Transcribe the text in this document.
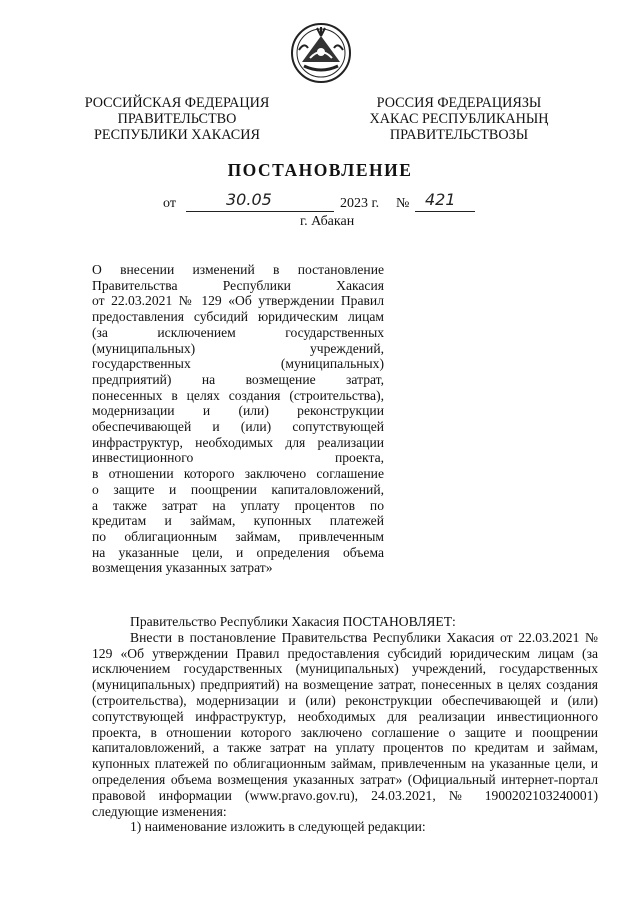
РОССИЙСКАЯ ФЕДЕРАЦИЯ
ПРАВИТЕЛЬСТВО
РЕСПУБЛИКИ ХАКАСИЯ
РОССИЯ ФЕДЕРАЦИЯЗЫ
ХАКАС РЕСПУБЛИКАНЫҢ
ПРАВИТЕЛЬСТВОЗЫ
ПОСТАНОВЛЕНИЕ
от	30.05	2023 г. № 421
г. Абакан
О внесении изменений в постановление
Правительства Республики Хакасия
от 22.03.2021 № 129 «Об утверждении Правил
предоставления субсидий юридическим лицам
(за исключением государственных
(муниципальных) учреждений,
государственных (муниципальных)
предприятий) на возмещение затрат,
понесенных в целях создания (строительства),
модернизации и (или) реконструкции
обеспечивающей и (или) сопутствующей
инфраструктур, необходимых для реализации
инвестиционного проекта,
в отношении которого заключено соглашение
о защите и поощрении капиталовложений,
а также затрат на уплату процентов по
кредитам и займам, купонных платежей
по облигационным займам, привлеченным
на указанные цели, и определения объема
возмещения указанных затрат»

Правительство Республики Хакасия ПОСТАНОВЛЯЕТ:

Внести в постановление Правительства Республики Хакасия от 22.03.2021 № 129 «Об утверждении Правил предоставления субсидий юридическим лицам (за исключением государственных (муниципальных) учреждений, государственных (муниципальных) предприятий) на возмещение затрат, понесенных в целях создания (строительства), модернизации и (или) реконструкции обеспечивающей и (или) сопутствующей инфраструктур, необходимых для реализации инвестиционного проекта, в отношении которого заключено соглашение о защите и поощрении капиталовложений, а также затрат на уплату процентов по кредитам и займам, купонных платежей по облигационным займам, привлеченным на указанные цели, и определения объема возмещения указанных затрат» (Официальный интернет-портал правовой информации (www.pravo.gov.ru), 24.03.2021, № 1900202103240001) следующие изменения:

1) наименование изложить в следующей редакции:
